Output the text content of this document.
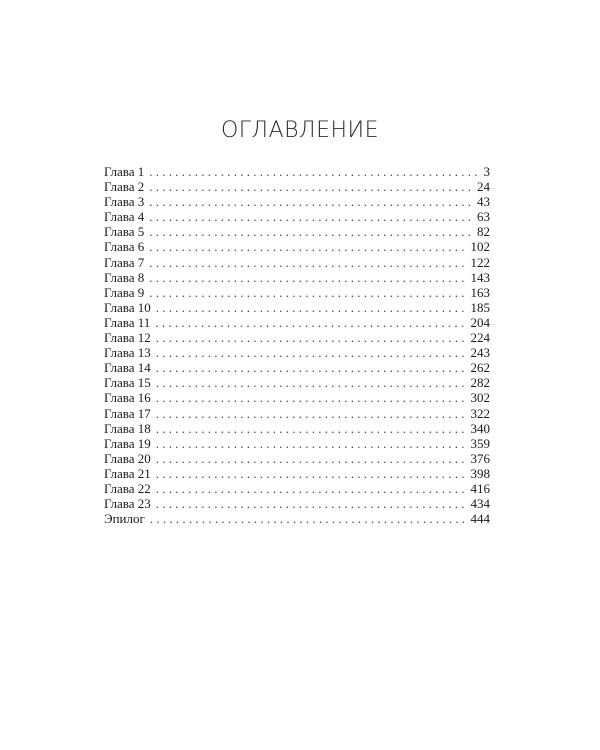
ОГЛАВЛЕНИЕ
Глава 1 . . .	3
Глава 2 . . .	24
Глава 3 . . .	43
Глава 4 . . .	63
Глава 5 . . .	82
Глава 6 . . .	102
Глава 7 . . .	122
Глава 8 . . .	143
Глава 9 . . .	163
Глава 10 . . .	185
Глава 11 . . .	204
Глава 12 . . .	224
Глава 13 . . .	243
Глава 14 . . .	262
Глава 15 . . .	282
Глава 16 . . .	302
Глава 17 . . .	322
Глава 18 . . .	340
Глава 19 . . .	359
Глава 20 . . .	376
Глава 21 . . .	398
Глава 22 . . .	416
Глава 23 . . .	434
Эпилог . . .	444
